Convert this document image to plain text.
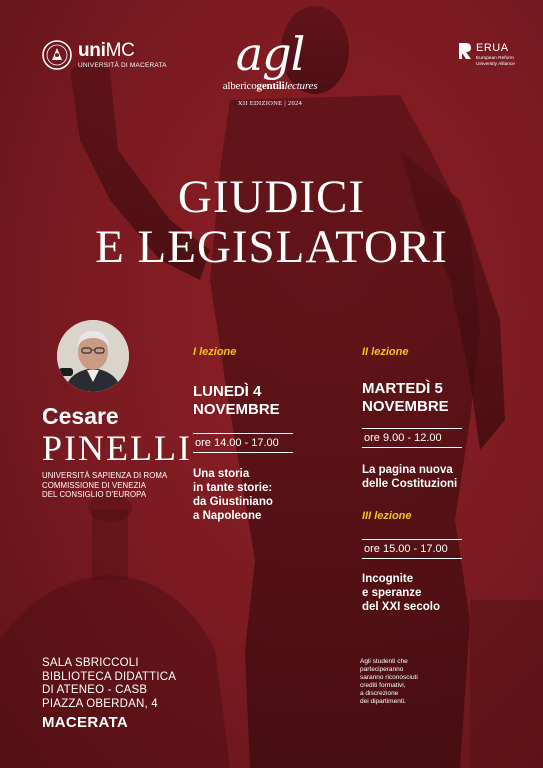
uniMC
UNIVERSITÀ DI MACERATA	agl
albericogentililectures
XII EDIZIONE | 2024
ERUA
European Reform
University Alliance
GIUDICI
E LEGISLATORI
Cesare
PINELLI
UNIVERSITÀ SAPIENZA DI ROMA
COMMISSIONE DI VENEZIA
DEL CONSIGLIO D'EUROPA
I lezione
LUNEDÌ 4
NOVEMBRE
ore 14.00 - 17.00
Una storia
in tante storie:
da Giustiniano
a Napoleone
II lezione
MARTEDÌ 5
NOVEMBRE
ore 9.00 - 12.00
La pagina nuova
delle Costituzioni
III lezione
ore 15.00 - 17.00
Incognite
e speranze
del XXI secolo
SALA SBRICCOLI
BIBLIOTECA DIDATTICA
DI ATENEO - CASB
PIAZZA OBERDAN, 4
MACERATA
Agli studenti che
parteciperanno
saranno riconosciuti
crediti formativi,
a discrezione
dei dipartimenti.
